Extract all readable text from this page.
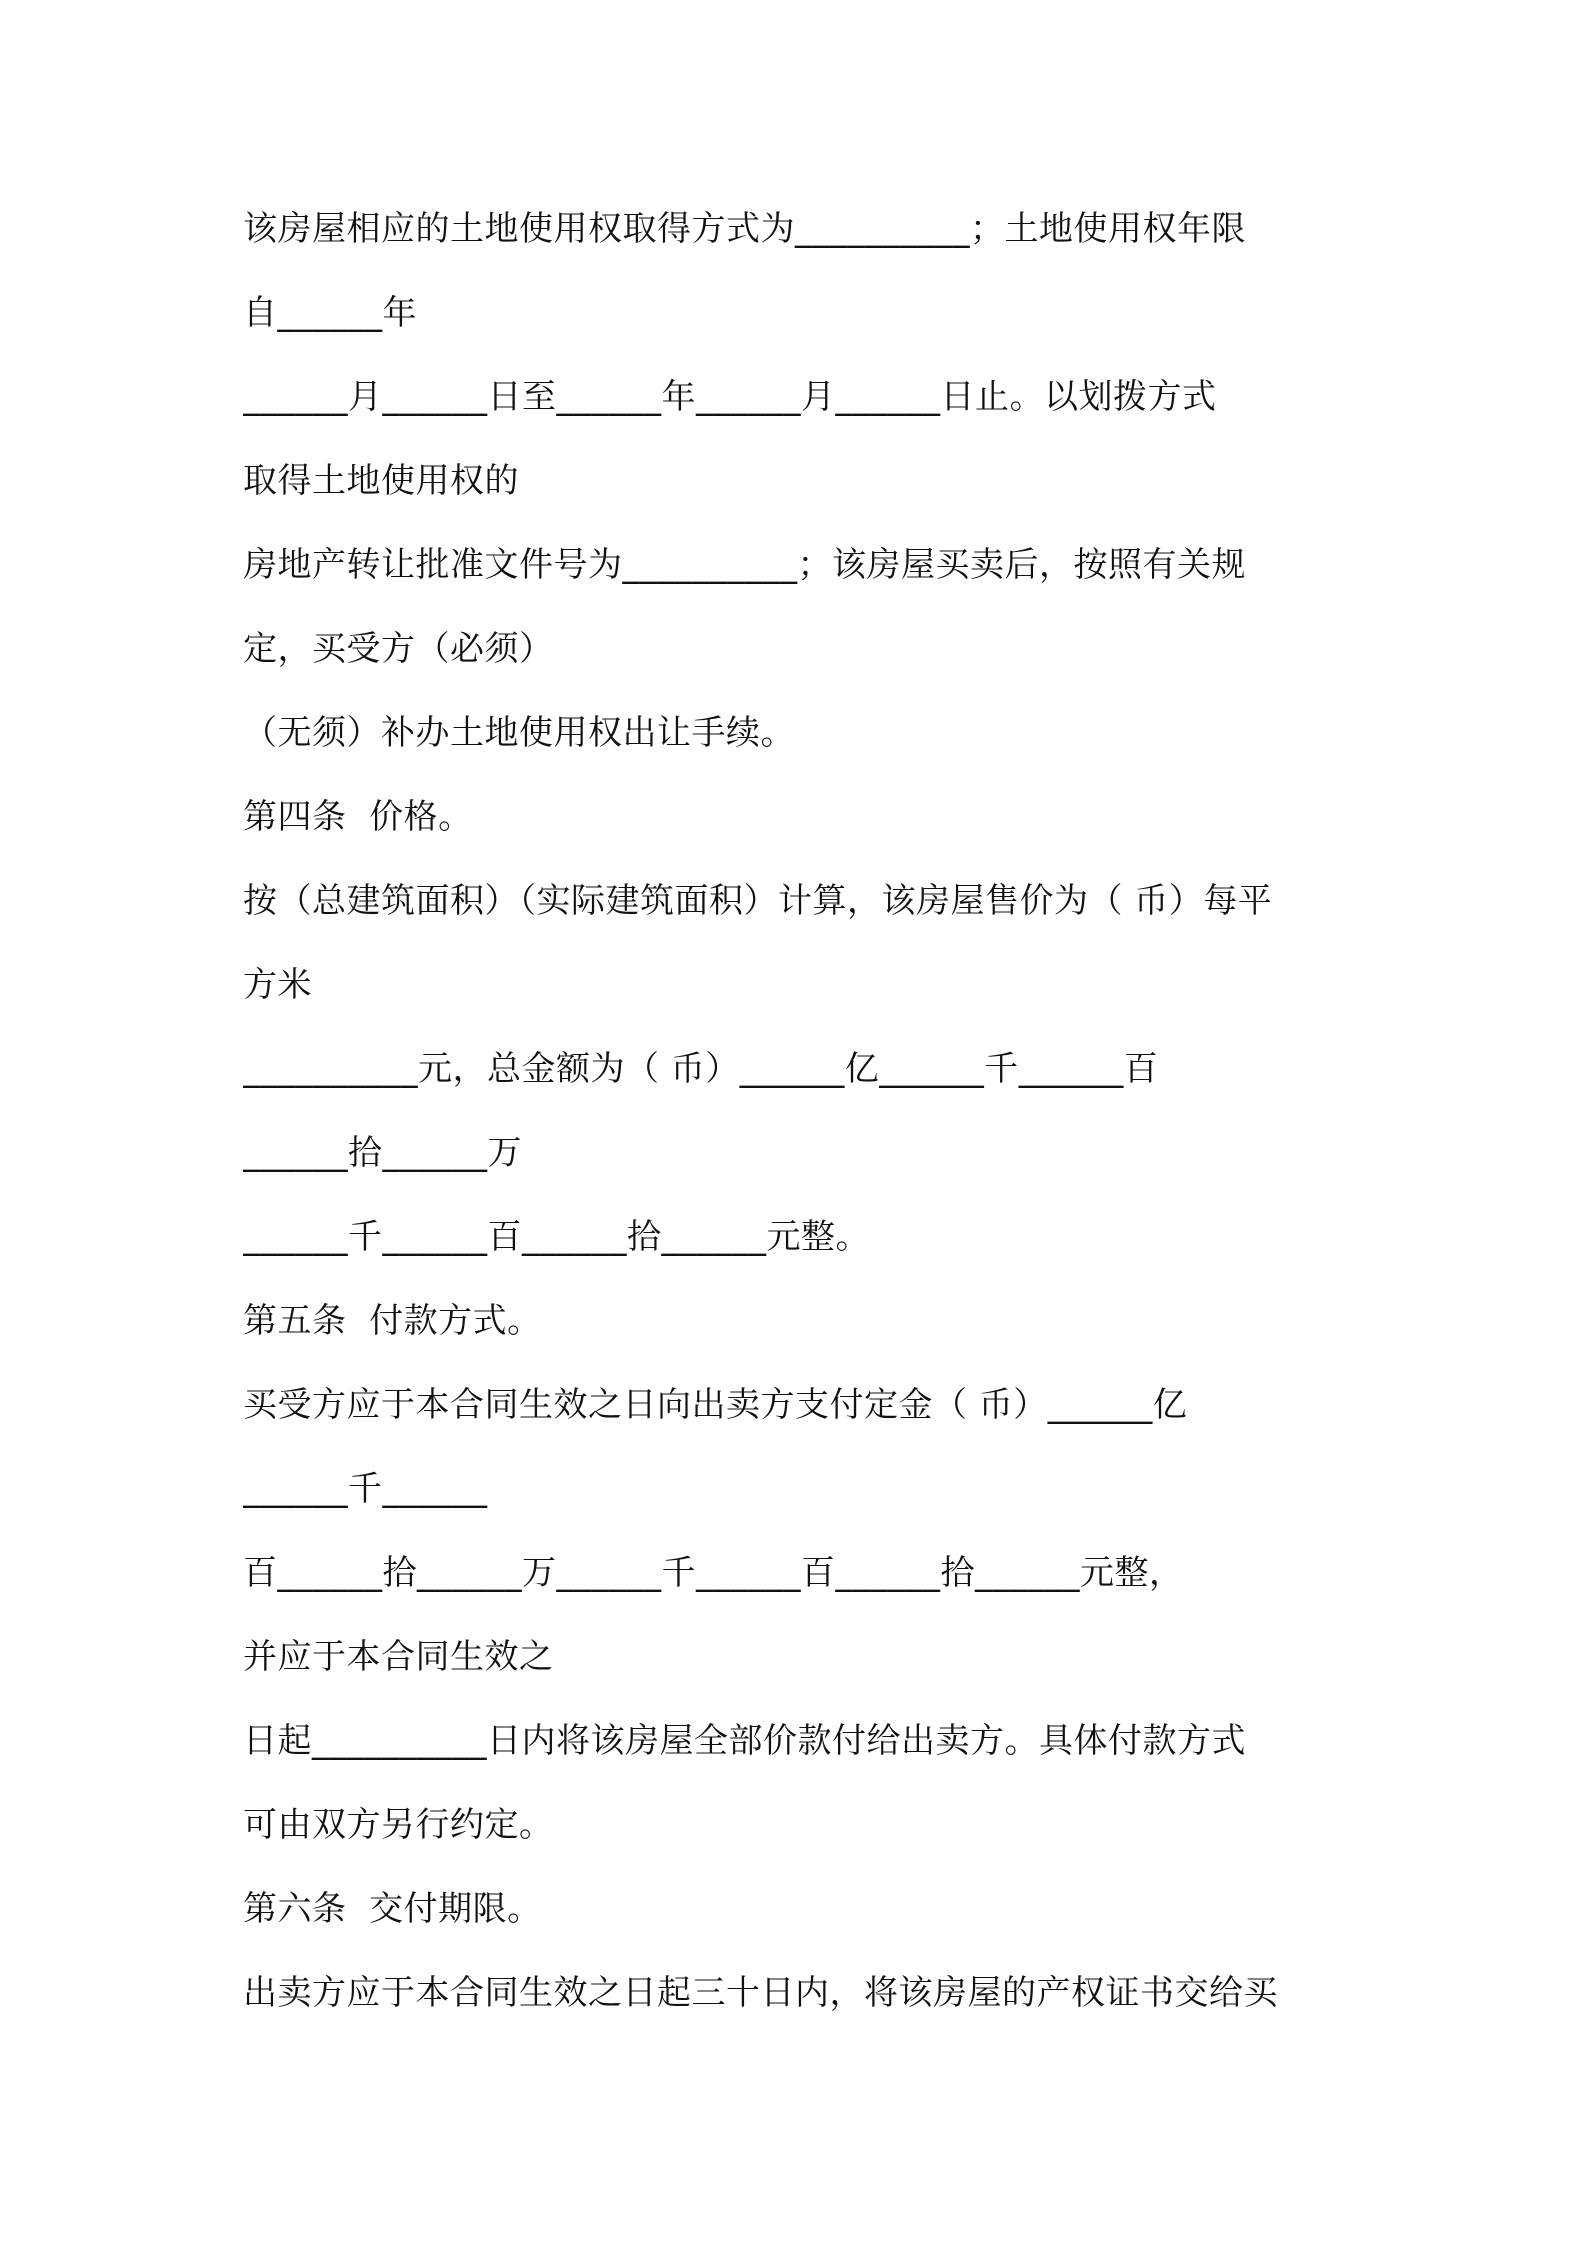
该房屋相应的土地使用权取得方式为__________；土地使用权年限
自______年
______月______日至______年______月______日止。以划拨方式
取得土地使用权的
房地产转让批准文件号为__________；该房屋买卖后，按照有关规
定，买受方（必须）
（无须）补办土地使用权出让手续。
第四条  价格。
按（总建筑面积）（实际建筑面积）计算，该房屋售价为（ 币）每平
方米
__________元，总金额为（ 币）______亿______千______百
______拾______万
______千______百______拾______元整。
第五条  付款方式。
买受方应于本合同生效之日向出卖方支付定金（ 币）______亿
______千______
百______拾______万______千______百______拾______元整，
并应于本合同生效之
日起__________日内将该房屋全部价款付给出卖方。具体付款方式
可由双方另行约定。
第六条  交付期限。
出卖方应于本合同生效之日起三十日内，将该房屋的产权证书交给买
